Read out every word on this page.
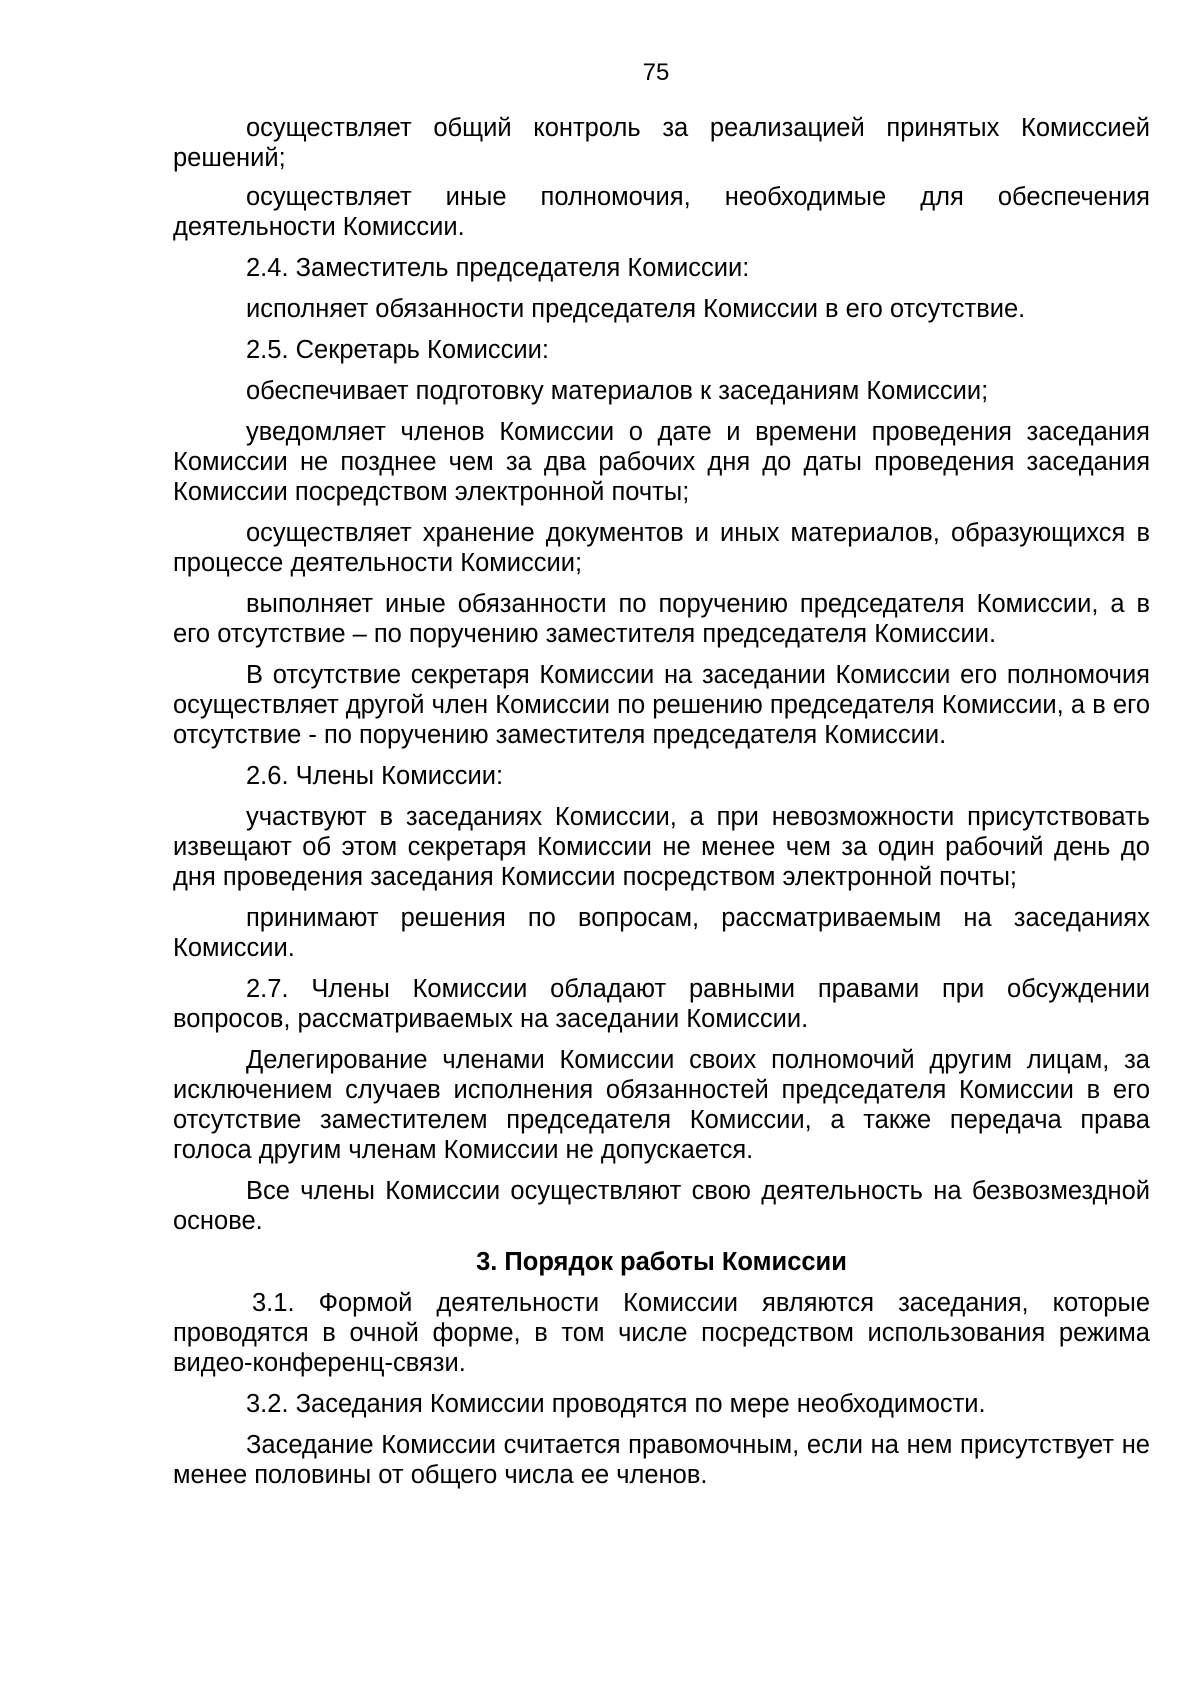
75

осуществляет общий контроль за реализацией принятых Комиссией решений;

осуществляет иные полномочия, необходимые для обеспечения деятельности Комиссии.

2.4. Заместитель председателя Комиссии:

исполняет обязанности председателя Комиссии в его отсутствие.

2.5. Секретарь Комиссии:

обеспечивает подготовку материалов к заседаниям Комиссии;

уведомляет членов Комиссии о дате и времени проведения заседания Комиссии не позднее чем за два рабочих дня до даты проведения заседания Комиссии посредством электронной почты;

осуществляет хранение документов и иных материалов, образующихся в процессе деятельности Комиссии;

выполняет иные обязанности по поручению председателя Комиссии, а в его отсутствие – по поручению заместителя председателя Комиссии.

В отсутствие секретаря Комиссии на заседании Комиссии его полномочия осуществляет другой член Комиссии по решению председателя Комиссии, а в его отсутствие - по поручению заместителя председателя Комиссии.

2.6. Члены Комиссии:

участвуют в заседаниях Комиссии, а при невозможности присутствовать извещают об этом секретаря Комиссии не менее чем за один рабочий день до дня проведения заседания Комиссии посредством электронной почты;

принимают решения по вопросам, рассматриваемым на заседаниях Комиссии.

2.7. Члены Комиссии обладают равными правами при обсуждении вопросов, рассматриваемых на заседании Комиссии.

Делегирование членами Комиссии своих полномочий другим лицам, за исключением случаев исполнения обязанностей председателя Комиссии в его отсутствие заместителем председателя Комиссии, а также передача права голоса другим членам Комиссии не допускается.

Все члены Комиссии осуществляют свою деятельность на безвозмездной основе.

3. Порядок работы Комиссии

3.1. Формой деятельности Комиссии являются заседания, которые проводятся в очной форме, в том числе посредством использования режима видео-конференц-связи.

3.2. Заседания Комиссии проводятся по мере необходимости.

Заседание Комиссии считается правомочным, если на нем присутствует не менее половины от общего числа ее членов.
